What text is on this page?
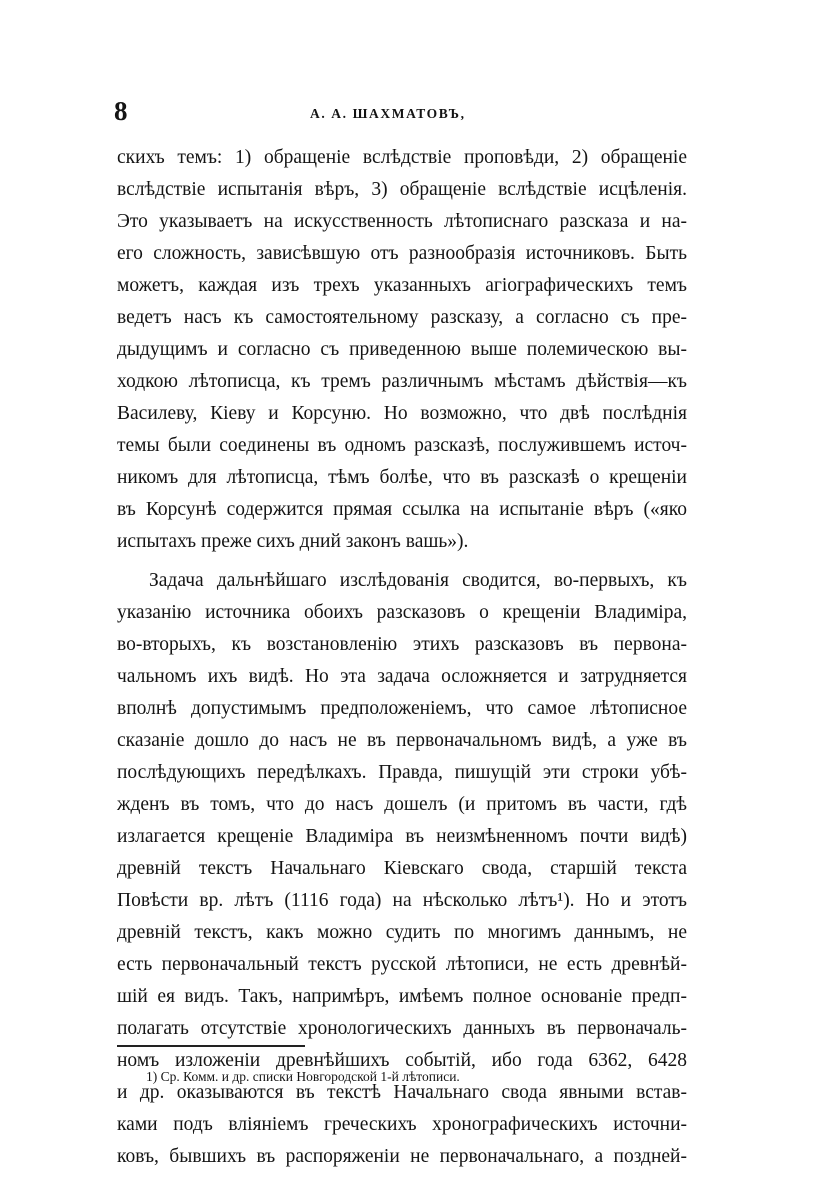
8	А. А. ШАХМАТОВЪ,
скихъ темъ: 1) обращеніе вслѣдствіе проповѣди, 2) обращеніе
вслѣдствіе испытанія вѣръ, 3) обращеніе вслѣдствіе исцѣленія.
Это указываетъ на искусственность лѣтописнаго разсказа и на-
его сложность, зависѣвшую отъ разнообразія источниковъ. Быть
можетъ, каждая изъ трехъ указанныхъ агіографическихъ темъ
ведетъ насъ къ самостоятельному разсказу, а согласно съ пре-
дыдущимъ и согласно съ приведенною выше полемическою вы-
ходкою лѣтописца, къ тремъ различнымъ мѣстамъ дѣйствія—къ
Василеву, Кіеву и Корсуню. Но возможно, что двѣ послѣднія
темы были соединены въ одномъ разсказѣ, послужившемъ источ-
никомъ для лѣтописца, тѣмъ болѣе, что въ разсказѣ о крещеніи
въ Корсунѣ содержится прямая ссылка на испытаніе вѣръ («яко
испытахъ преже сихъ дний законъ вашь»).
Задача дальнѣйшаго изслѣдованія сводится, во-первыхъ, къ
указанію источника обоихъ разсказовъ о крещеніи Владиміра,
во-вторыхъ, къ возстановленію этихъ разсказовъ въ первона-
чальномъ ихъ видѣ. Но эта задача осложняется и затрудняется
вполнѣ допустимымъ предположеніемъ, что самое лѣтописное
сказаніе дошло до насъ не въ первоначальномъ видѣ, а уже въ
послѣдующихъ передѣлкахъ. Правда, пишущій эти строки убѣ-
жденъ въ томъ, что до насъ дошелъ (и притомъ въ части, гдѣ
излагается крещеніе Владиміра въ неизмѣненномъ почти видѣ)
древній текстъ Начальнаго Кіевскаго свода, старшій текста
Повѣсти вр. лѣтъ (1116 года) на нѣсколько лѣтъ¹). Но и этотъ
древній текстъ, какъ можно судить по многимъ даннымъ, не
есть первоначальный текстъ русской лѣтописи, не есть древнѣй-
шій ея видъ. Такъ, напримѣръ, имѣемъ полное основаніе предп-
полагать отсутствіе хронологическихъ данныхъ въ первоначаль-
номъ изложеніи древнѣйшихъ событій, ибо года 6362, 6428
и др. оказываются въ текстѣ Начальнаго свода явными встав-
ками подъ вліяніемъ греческихъ хронографическихъ источни-
ковъ, бывшихъ въ распоряженіи не первоначальнаго, а поздней-
1) Ср. Комм. и др. списки Новгородской 1-й лѣтописи.
